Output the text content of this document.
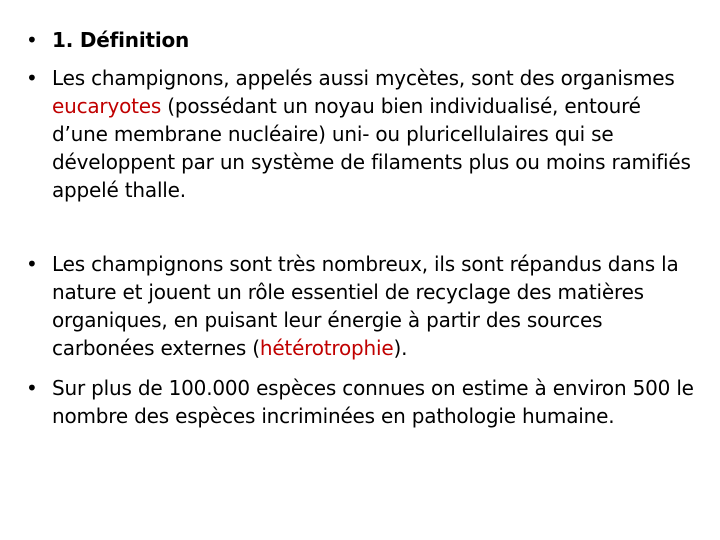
• 1. Définition
• Les champignons, appelés aussi mycètes, sont des organismes eucaryotes (possédant un noyau bien individualisé, entouré d’une membrane nucléaire) uni- ou pluricellulaires qui se développent par un système de filaments plus ou moins ramifiés appelé thalle.
• Les champignons sont très nombreux, ils sont répandus dans la nature et jouent un rôle essentiel de recyclage des matières organiques, en puisant leur énergie à partir des sources carbonées externes (hétérotrophie).
• Sur plus de 100.000 espèces connues on estime à environ 500 le nombre des espèces incriminées en pathologie humaine.
